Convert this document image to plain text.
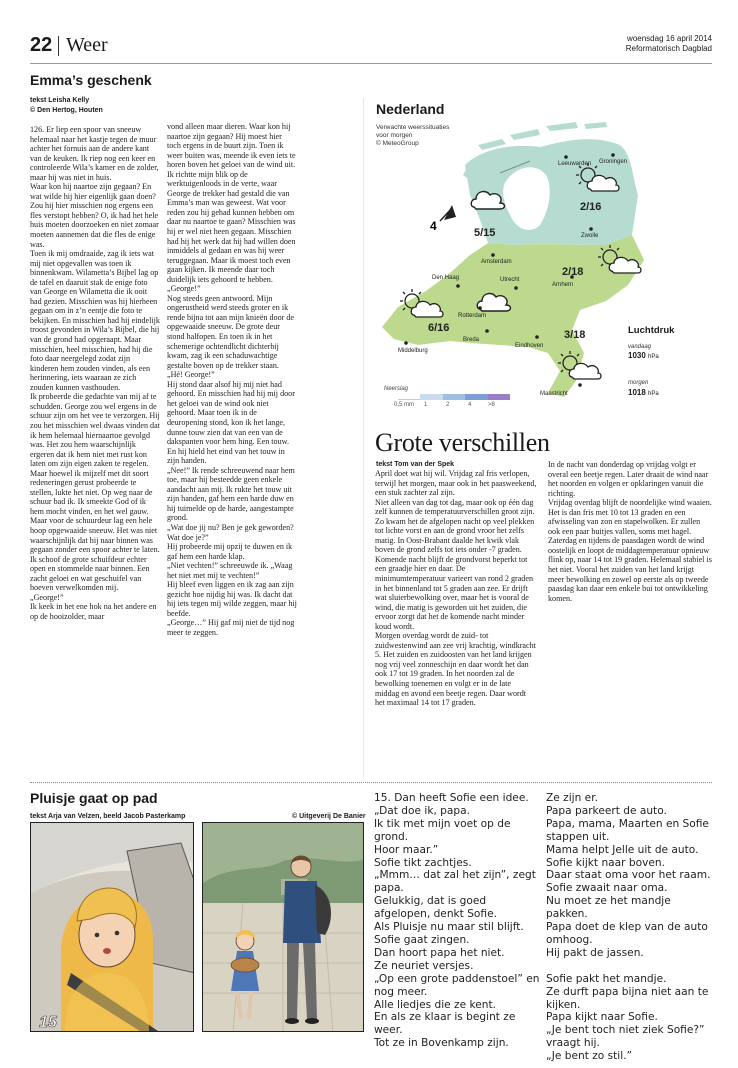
22 Weer	woensdag 16 april 2014
Reformatorisch Dagblad
Emma’s geschenk
tekst Leisha Kelly
© Den Hertog, Houten
126. Er liep een spoor van sneeuw helemaal naar het kastje tegen de muur achter het fornuis aan de andere kant van de keuken. Ik riep nog een keer en controleerde Wila’s kamer en de zolder, maar hij was niet in huis.
Waar kon hij naartoe zijn gegaan? En wat wilde hij hier eigenlijk gaan doen? Zou hij hier misschien nog ergens een fles verstopt hebben? O, ik had het hele huis moeten doorzoeken en niet zomaar moeten aannemen dat die fles de enige was.
Toen ik mij omdraaide, zag ik iets wat mij niet opgevallen was toen ik binnenkwam. Wilametta’s Bijbel lag op de tafel en daaruit stak de enige foto van George en Wilametta die ik ooit had gezien. Misschien was hij hierheen gegaan om in z’n eentje die foto te bekijken. En misschien had hij eindelijk troost gevonden in Wila’s Bijbel, die hij van de grond had opgeraapt. Maar misschien, heel misschien, had hij die foto daar neergelegd zodat zijn kinderen hem zouden vinden, als een herinnering, iets waaraan ze zich zouden kunnen vasthouden.
Ik probeerde die gedachte van mij af te schudden. George zou wel ergens in de schuur zijn om het vee te verzorgen. Hij zou het misschien wel dwaas vinden dat ik hem helemaal hiernaartoe gevolgd was. Het zou hem waarschijnlijk ergeren dat ik hem niet met rust kon laten om zijn eigen zaken te regelen.
Maar hoewel ik mijzelf met dit soort redeneringen gerust probeerde te stellen, lukte het niet. Op weg naar de schuur bad ik. Ik smeekte God of ik hem mocht vinden, en het wel gauw. Maar voor de schuurdeur lag een hele hoop opgewaaide sneeuw. Het was niet waarschijnlijk dat hij naar binnen was gegaan zonder een spoor achter te laten. Ik schoof de grote schuifdeur echter open en stommelde naar binnen. Een zacht geloei en wat geschuifel van hoeven verwelkomden mij.
„George!”
Ik keek in het ene hok na het andere en op de hooizolder, maar
vond alleen maar dieren. Waar kon hij naartoe zijn gegaan? Hij moest hier toch ergens in de buurt zijn. Toen ik weer buiten was, meende ik even iets te horen boven het geloei van de wind uit. Ik richtte mijn blik op de werktuigenloods in de verte, waar George de trekker had gestald die van Emma’s man was geweest. Wat voor reden zou hij gehad kunnen hebben om daar nu naartoe te gaan? Misschien was hij er wel niet heen gegaan. Misschien had hij het werk dat hij had willen doen inmiddels al gedaan en was hij weer teruggegaan. Maar ik moest toch even gaan kijken. Ik meende daar toch duidelijk iets gehoord te hebben.
„George!”
Nog steeds geen antwoord. Mijn ongerustheid werd steeds groter en ik rende bijna tot aan mijn knieën door de opgewaaide sneeuw. De grote deur stond halfopen. En toen ik in het schemerige ochtendlicht dichterbij kwam, zag ik een schaduwachtige gestalte boven op de trekker staan.
„Hé! George!”
Hij stond daar alsof hij mij niet had gehoord. En misschien had hij mij door het geloei van de wind ook niet gehoord. Maar toen ik in de deuropening stond, kon ik het lange, dunne touw zien dat van een van de dakspanten voor hem hing. Een touw. En hij hield het eind van het touw in zijn handen.
„Nee!” Ik rende schreeuwend naar hem toe, maar hij besteedde geen enkele aandacht aan mij. Ik rukte het touw uit zijn handen, gaf hem een harde duw en hij tuimelde op de harde, aangestampte grond.
„Wat doe jij nu? Ben je gek geworden? Wat doe je?”
Hij probeerde mij opzij te duwen en ik gaf hem een harde klap.
„Niet vechten!” schreeuwde ik. „Waag het niet met mij te vechten!”
Hij bleef even liggen en ik zag aan zijn gezicht hoe nijdig hij was. Ik dacht dat hij iets tegen mij wilde zeggen, maar hij beefde.
„George…” Hij gaf mij niet de tijd nog meer te zeggen.
4
Leeuwarden Groningen
Zwolle
Amsterdam
Den Haag	Utrecht
Rotterdam
Arnhem
Middelburg
Breda
Eindhoven
Maastricht
2/16
5/15
2/18
6/16
3/18
Nederland
Verwachte weerssituaties
voor morgen
© MeteoGroup
Luchtdruk
vandaag
1030 hPa
morgen
1018 hPa
Neerslag
0,5 mm 1	2	4	>8
Grote verschillen
tekst Tom van der Spek
April doet wat hij wil. Vrijdag zal fris verlopen, terwijl het morgen, maar ook in het paasweekend, een stuk zachter zal zijn.
Niet alleen van dag tot dag, maar ook op één dag zelf kunnen de temperatuurverschillen groot zijn. Zo kwam het de afgelopen nacht op veel plekken tot lichte vorst en aan de grond vroor het zelfs matig. In Oost-Brabant daalde het kwik vlak boven de grond zelfs tot iets onder -7 graden.
Komende nacht blijft de grondvorst beperkt tot een graadje hier en daar. De minimumtemperatuur varieert van rond 2 graden in het binnenland tot 5 graden aan zee. Er drijft wat sluierbewolking over, maar het is vooral de wind, die matig is geworden uit het zuiden, die ervoor zorgt dat het de komende nacht minder koud wordt.
Morgen overdag wordt de zuid- tot zuidwestenwind aan zee vrij krachtig, windkracht 5. Het zuiden en zuidoosten van het land krijgen nog vrij veel zonneschijn en daar wordt het dan ook 17 tot 19 graden. In het noorden zal de bewolking toenemen en volgt er in de late middag en avond een beetje regen. Daar wordt het maximaal 14 tot 17 graden.
In de nacht van donderdag op vrijdag volgt er overal een beetje regen. Later draait de wind naar het noorden en volgen er opklaringen vanuit die richting.
Vrijdag overdag blijft de noordelijke wind waaien. Het is dan fris met 10 tot 13 graden en een afwisseling van zon en stapelwolken. Er zullen ook een paar buitjes vallen, soms met hagel.
Zaterdag en tijdens de paasdagen wordt de wind oostelijk en loopt de middagtemperatuur opnieuw flink op, naar 14 tot 19 graden. Helemaal stabiel is het niet. Vooral het zuiden van het land krijgt meer bewolking en zowel op eerste als op tweede paasdag kan daar een enkele bui tot ontwikkeling komen.
Pluisje gaat op pad
tekst Arja van Velzen, beeld Jacob Pasterkamp	© Uitgeverij De Banier
15
15. Dan heeft Sofie een idee.
„Dat doe ik, papa.
Ik tik met mijn voet op de grond.
Hoor maar.”
Sofie tikt zachtjes.
„Mmm… dat zal het zijn”, zegt papa.
Gelukkig, dat is goed afgelopen, denkt Sofie.
Als Pluisje nu maar stil blijft.
Sofie gaat zingen.
Dan hoort papa het niet.
Ze neuriet versjes.
„Op een grote paddenstoel” en nog meer.
Alle liedjes die ze kent.
En als ze klaar is begint ze weer.
Tot ze in Bovenkamp zijn.
Ze zijn er.
Papa parkeert de auto.
Papa, mama, Maarten en Sofie stappen uit.
Mama helpt Jelle uit de auto.
Sofie kijkt naar boven.
Daar staat oma voor het raam.
Sofie zwaait naar oma.
Nu moet ze het mandje pakken.
Papa doet de klep van de auto omhoog.
Hij pakt de jassen.

Sofie pakt het mandje.
Ze durft papa bijna niet aan te kijken.
Papa kijkt naar Sofie.
„Je bent toch niet ziek Sofie?” vraagt hij.
„Je bent zo stil.”
